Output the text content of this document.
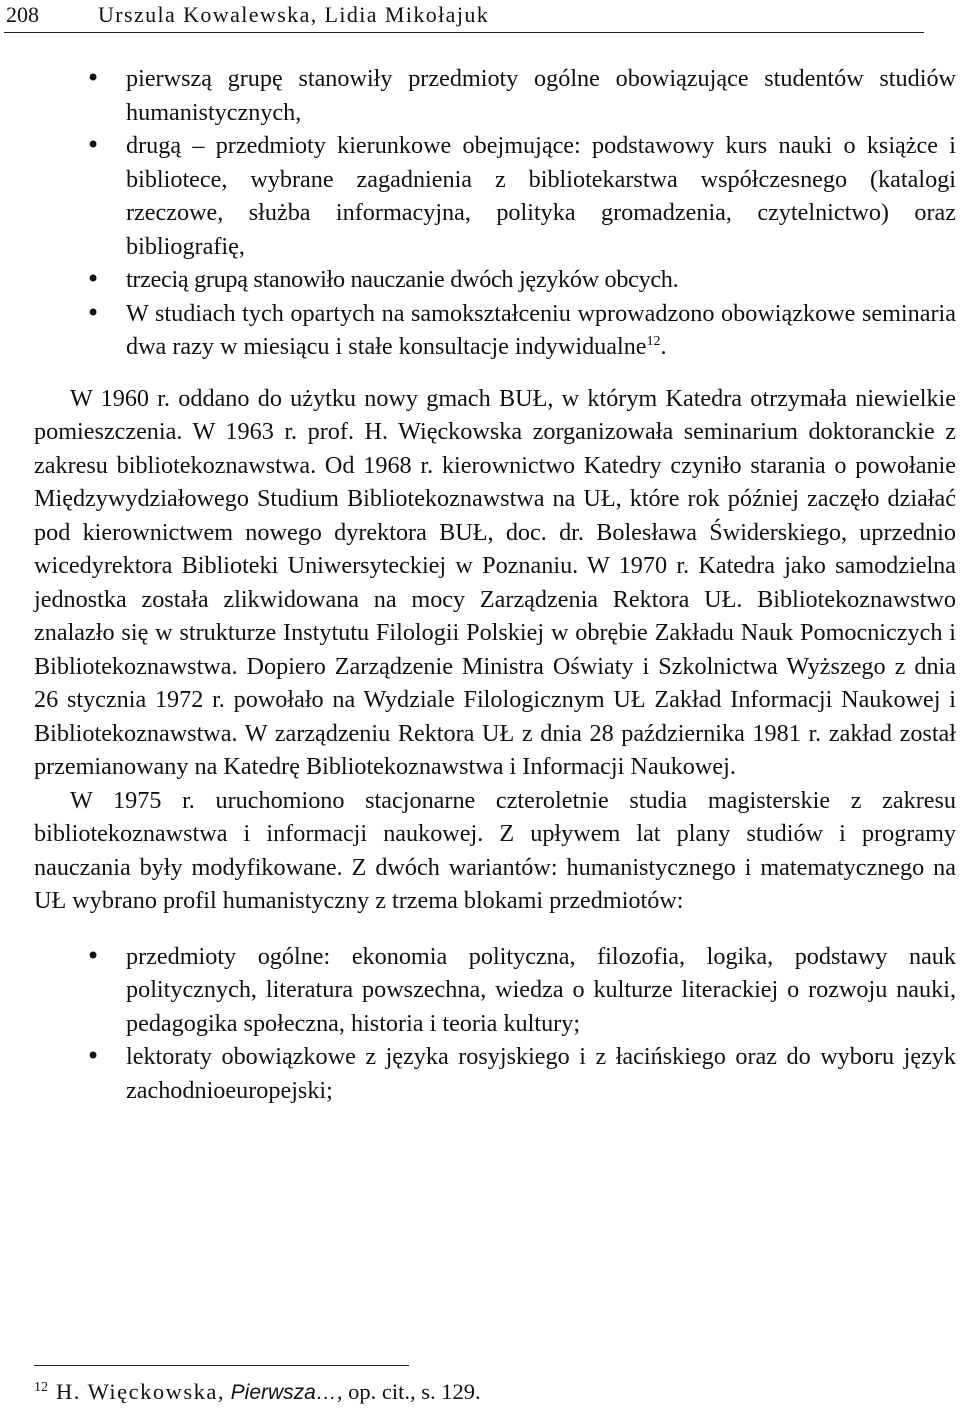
208	Urszula Kowalewska, Lidia Mikołajuk
• pierwszą grupę stanowiły przedmioty ogólne obowiązujące studentów studiów humanistycznych,
• drugą – przedmioty kierunkowe obejmujące: podstawowy kurs nauki o książce i bibliotece, wybrane zagadnienia z bibliotekarstwa współczesnego (katalogi rzeczowe, służba informacyjna, polityka gromadzenia, czytelnictwo) oraz bibliografię,
• trzecią grupą stanowiło nauczanie dwóch języków obcych.
• W studiach tych opartych na samokształceniu wprowadzono obowiązkowe seminaria dwa razy w miesiącu i stałe konsultacje indywidualne$^{12}$.

W 1960 r. oddano do użytku nowy gmach BUŁ, w którym Katedra otrzymała niewielkie pomieszczenia. W 1963 r. prof. H. Więckowska zorganizowała seminarium doktoranckie z zakresu bibliotekoznawstwa. Od 1968 r. kierownictwo Katedry czyniło starania o powołanie Międzywydziałowego Studium Bibliotekoznawstwa na UŁ, które rok później zaczęło działać pod kierownictwem nowego dyrektora BUŁ, doc. dr. Bolesława Świderskiego, uprzednio wicedyrektora Biblioteki Uniwersyteckiej w Poznaniu. W 1970 r. Katedra jako samodzielna jednostka została zlikwidowana na mocy Zarządzenia Rektora UŁ. Bibliotekoznawstwo znalazło się w strukturze Instytutu Filologii Polskiej w obrębie Zakładu Nauk Pomocniczych i Bibliotekoznawstwa. Dopiero Zarządzenie Ministra Oświaty i Szkolnictwa Wyższego z dnia 26 stycznia 1972 r. powołało na Wydziale Filologicznym UŁ Zakład Informacji Naukowej i Bibliotekoznawstwa. W zarządzeniu Rektora UŁ z dnia 28 października 1981 r. zakład został przemianowany na Katedrę Bibliotekoznawstwa i Informacji Naukowej.

W 1975 r. uruchomiono stacjonarne czteroletnie studia magisterskie z zakresu bibliotekoznawstwa i informacji naukowej. Z upływem lat plany studiów i programy nauczania były modyfikowane. Z dwóch wariantów: humanistycznego i matematycznego na UŁ wybrano profil humanistyczny z trzema blokami przedmiotów:

• przedmioty ogólne: ekonomia polityczna, filozofia, logika, podstawy nauk politycznych, literatura powszechna, wiedza o kulturze literackiej o rozwoju nauki, pedagogika społeczna, historia i teoria kultury;
• lektoraty obowiązkowe z języka rosyjskiego i z łacińskiego oraz do wyboru język zachodnioeuropejski;
$^{12}$ H. Więckowska, Pierwsza…, op. cit., s. 129.
